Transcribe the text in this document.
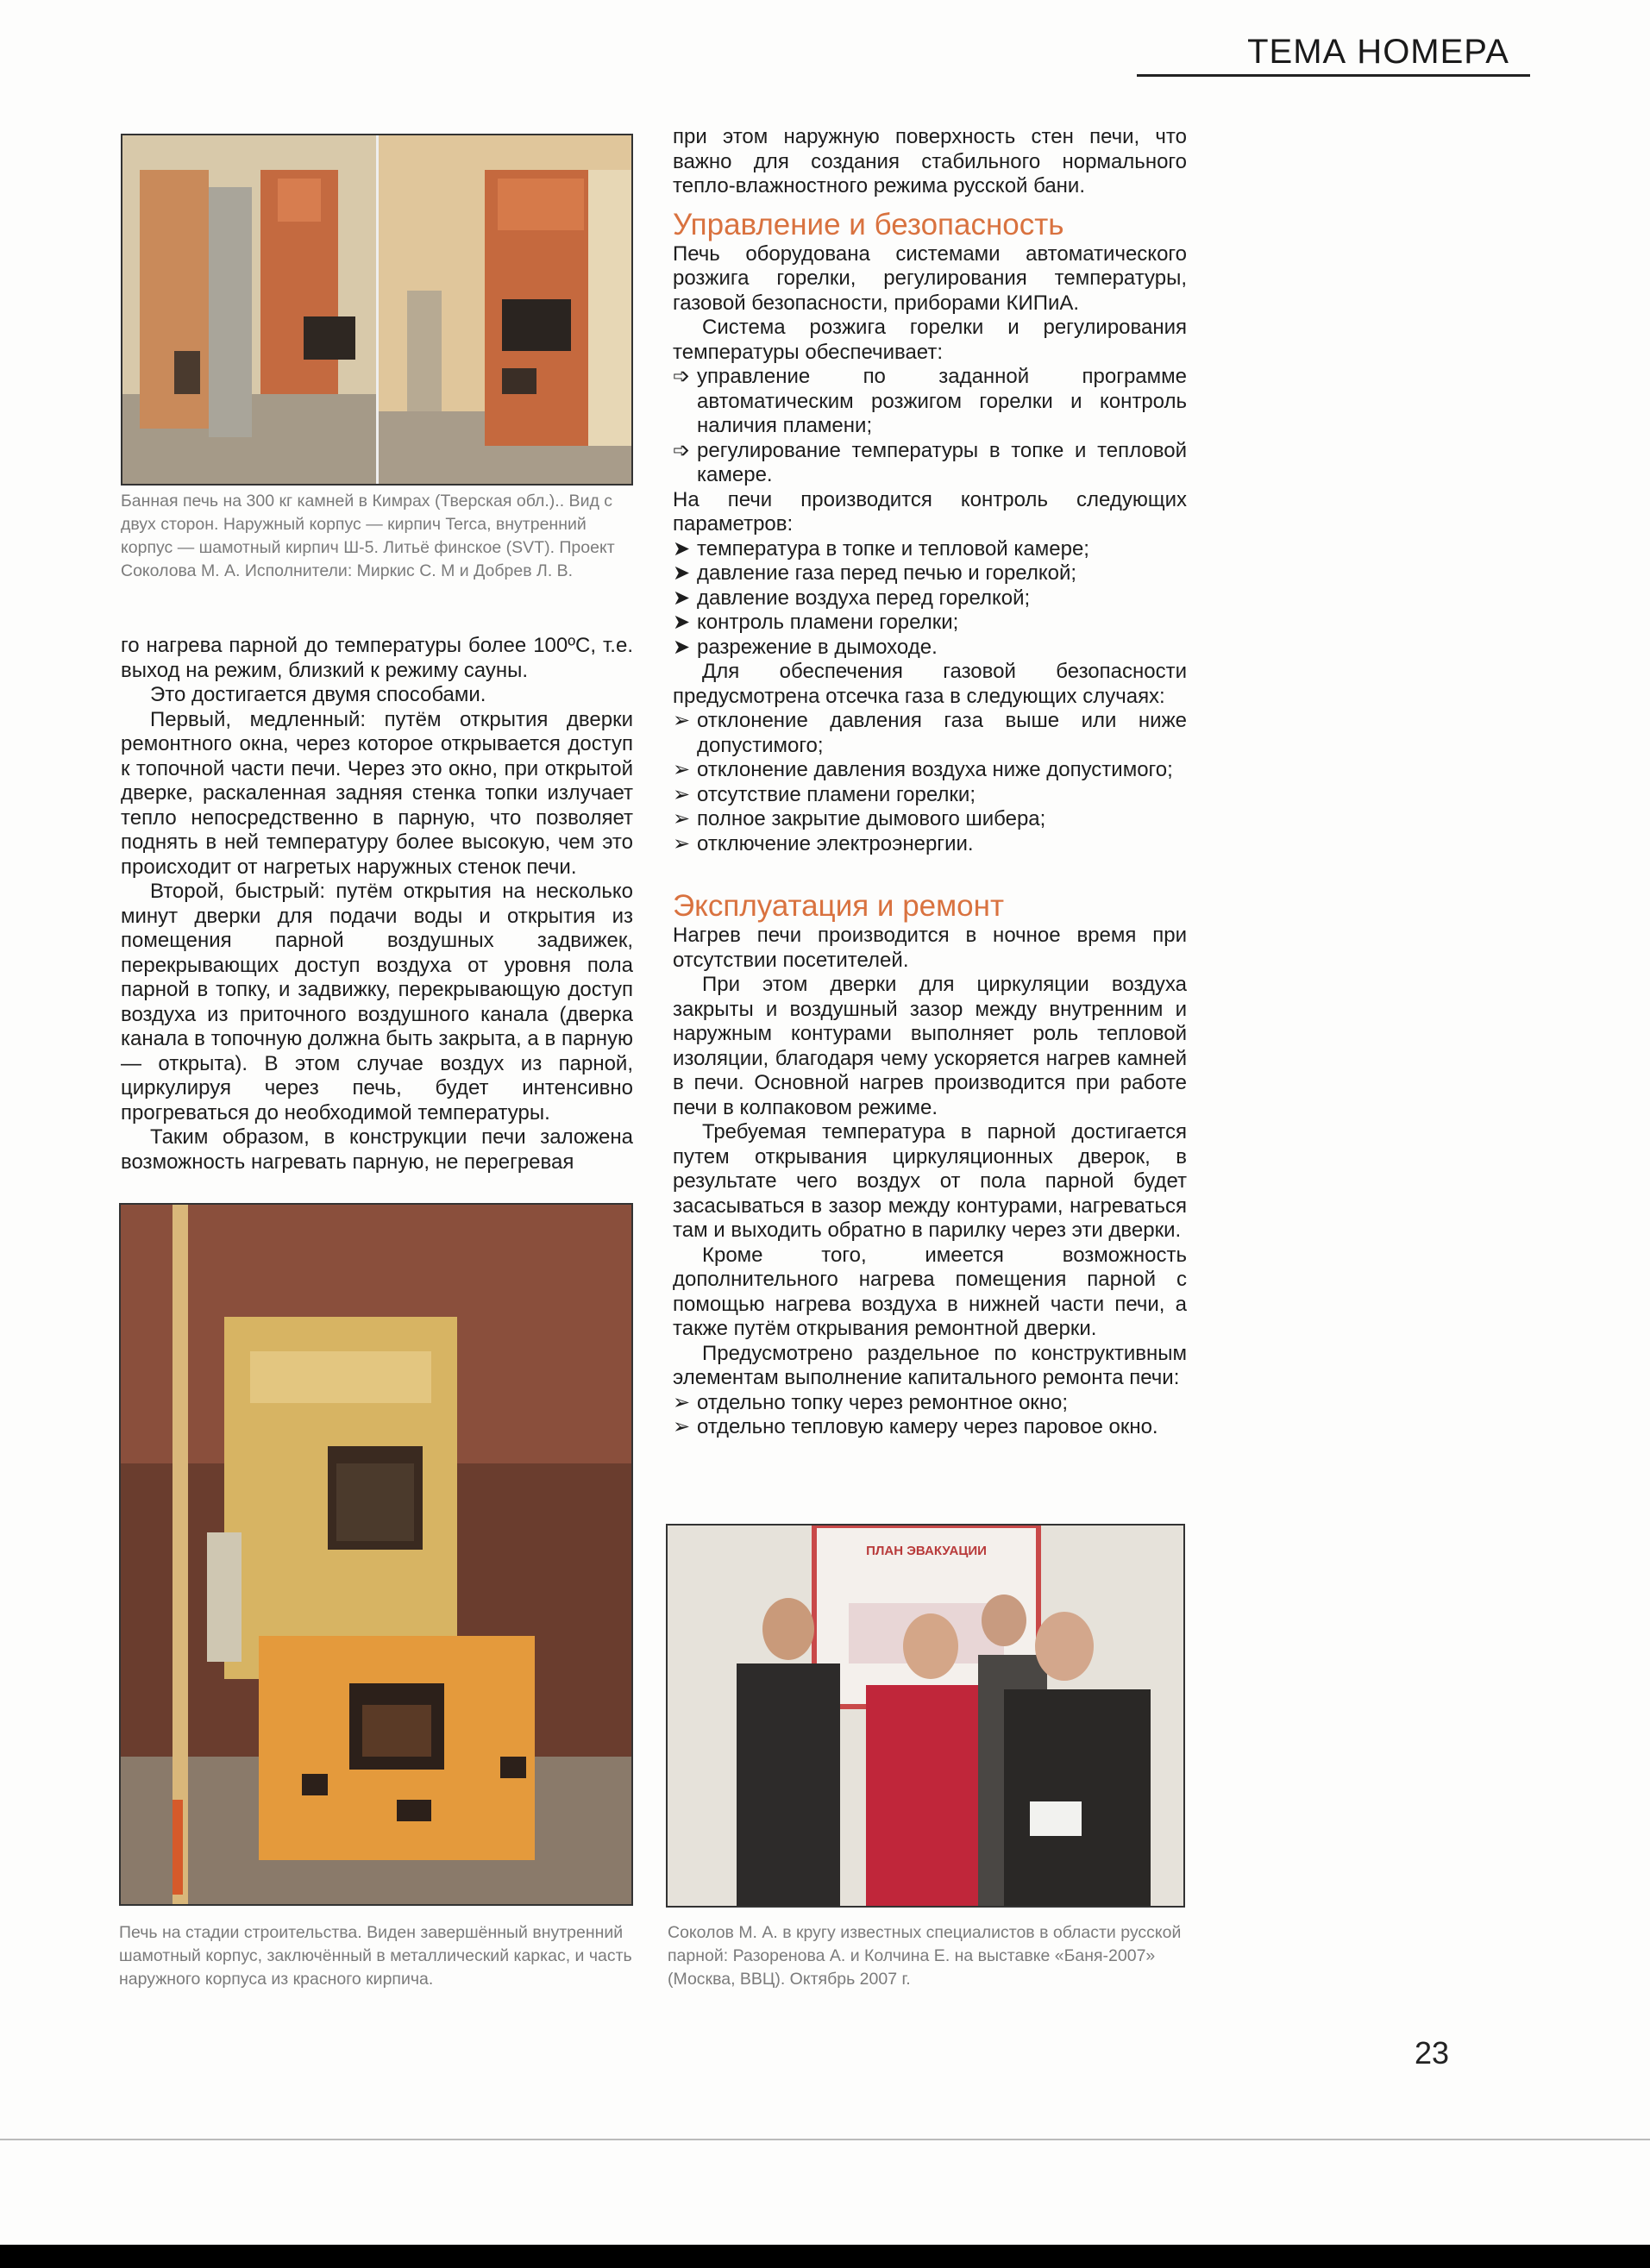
ТЕМА НОМЕРА
Банная печь на 300 кг камней в Кимрах (Тверская обл.).. Вид с двух сторон. Наружный корпус — кирпич Terca, внутренний корпус — шамотный кирпич Ш-5. Литьё финское (SVT). Проект Соколова М. А. Исполнители: Миркис С. М и Добрев Л. В.

го нагрева парной до температуры более 100ºС, т.е. выход на режим, близкий к режиму сауны.

Это достигается двумя способами.

Первый, медленный: путём открытия дверки ремонтного окна, через которое открывается доступ к топочной части печи. Через это окно, при открытой дверке, раскаленная задняя стенка топки излучает тепло непосредственно в парную, что позволяет поднять в ней температуру более высокую, чем это происходит от нагретых наружных стенок печи.

Второй, быстрый: путём открытия на несколько минут дверки для подачи воды и открытия из помещения парной воздушных задвижек, перекрывающих доступ воздуха от уровня пола парной в топку, и задвижку, перекрывающую доступ воздуха из приточного воздушного канала (дверка канала в топочную должна быть закрыта, а в парную — открыта). В этом случае воздух из парной, циркулируя через печь, будет интенсивно прогреваться до необходимой температуры.

Таким образом, в конструкции печи заложена возможность нагревать парную, не перегревая

Печь на стадии строительства. Виден завершённый внутренний шамотный корпус, заключённый в металлический каркас, и часть наружного корпуса из красного кирпича.

при этом наружную поверхность стен печи, что важно для создания стабильного нормального тепло-влажностного режима русской бани.

Управление и безопасность

Печь оборудована системами автоматического розжига горелки, регулирования температуры, газовой безопасности, приборами КИПиА.

Система розжига горелки и регулирования температуры обеспечивает:

➩ управление по заданной программе автоматическим розжигом горелки и контроль наличия пламени;
➩ регулирование температуры в топке и тепловой камере.

На печи производится контроль следующих параметров:

➤ температура в топке и тепловой камере;
➤ давление газа перед печью и горелкой;
➤ давление воздуха перед горелкой;
➤ контроль пламени горелки;
➤ разрежение в дымоходе.

Для обеспечения газовой безопасности предусмотрена отсечка газа в следующих случаях:

➢ отклонение давления газа выше или ниже допустимого;
➢ отклонение давления воздуха ниже допустимого;
➢ отсутствие пламени горелки;
➢ полное закрытие дымового шибера;
➢ отключение электроэнергии.
Эксплуатация и ремонт

Нагрев печи производится в ночное время при отсутствии посетителей.

При этом дверки для циркуляции воздуха закрыты и воздушный зазор между внутренним и наружным контурами выполняет роль тепловой изоляции, благодаря чему ускоряется нагрев камней в печи. Основной нагрев производится при работе печи в колпаковом режиме.

Требуемая температура в парной достигается путем открывания циркуляционных дверок, в результате чего воздух от пола парной будет засасываться в зазор между контурами, нагреваться там и выходить обратно в парилку через эти дверки.

Кроме того, имеется возможность дополнительного нагрева помещения парной с помощью нагрева воздуха в нижней части печи, а также путём открывания ремонтной дверки.

Предусмотрено раздельное по конструктивным элементам выполнение капитального ремонта печи:

➢ отдельно топку через ремонтное окно;
➢ отдельно тепловую камеру через паровое окно.
ПЛАН ЭВАКУАЦИИ
Соколов М. А. в кругу известных специалистов в области русской парной: Разоренова А. и Колчина Е. на выставке «Баня-2007» (Москва, ВВЦ). Октябрь 2007 г.
23
